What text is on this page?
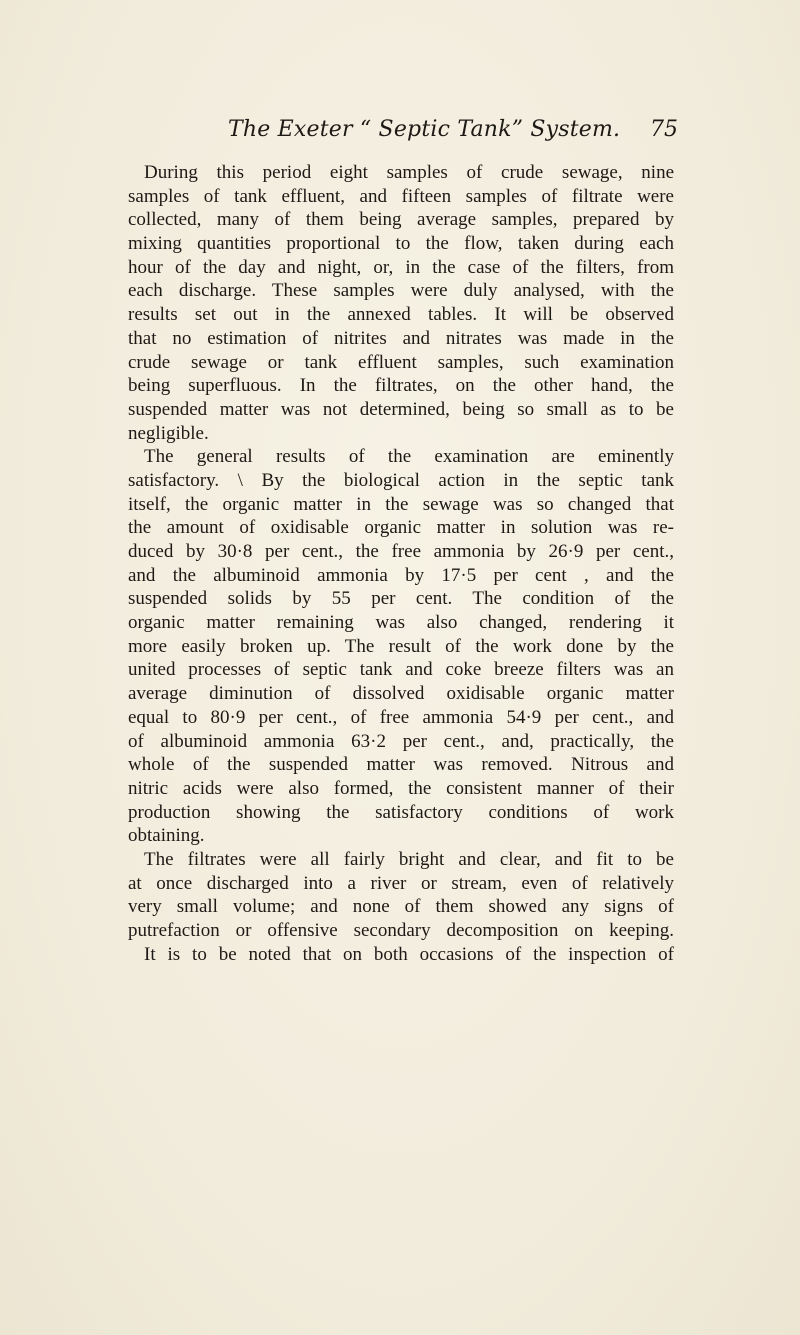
The Exeter “ Septic Tank” System. 75
During this period eight samples of crude sewage, nine
samples of tank effluent, and fifteen samples of filtrate were
collected, many of them being average samples, prepared by
mixing quantities proportional to the flow, taken during each
hour of the day and night, or, in the case of the filters, from
each discharge. These samples were duly analysed, with the
results set out in the annexed tables. It will be observed
that no estimation of nitrites and nitrates was made in the
crude sewage or tank effluent samples, such examination
being superfluous. In the filtrates, on the other hand, the
suspended matter was not determined, being so small as to be
negligible.
The general results of the examination are eminently
satisfactory. \ By the biological action in the septic tank
itself, the organic matter in the sewage was so changed that
the amount of oxidisable organic matter in solution was re-
duced by 30·8 per cent., the free ammonia by 26·9 per cent.,
and the albuminoid ammonia by 17·5 per cent , and the
suspended solids by 55 per cent. The condition of the
organic matter remaining was also changed, rendering it
more easily broken up. The result of the work done by the
united processes of septic tank and coke breeze filters was an
average diminution of dissolved oxidisable organic matter
equal to 80·9 per cent., of free ammonia 54·9 per cent., and
of albuminoid ammonia 63·2 per cent., and, practically, the
whole of the suspended matter was removed. Nitrous and
nitric acids were also formed, the consistent manner of their
production showing the satisfactory conditions of work
obtaining.
The filtrates were all fairly bright and clear, and fit to be
at once discharged into a river or stream, even of relatively
very small volume; and none of them showed any signs of
putrefaction or offensive secondary decomposition on keeping.
It is to be noted that on both occasions of the inspection of
